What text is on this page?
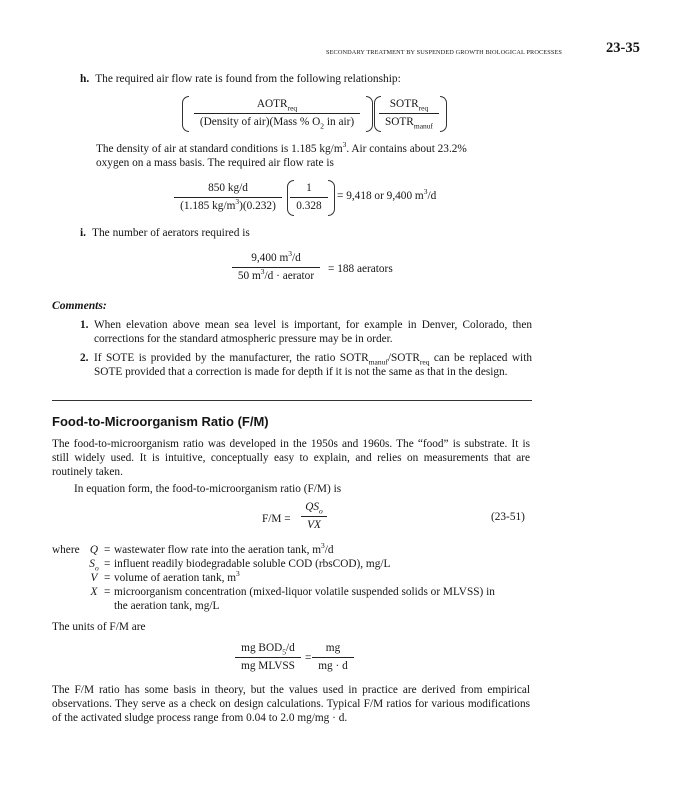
SECONDARY TREATMENT BY SUSPENDED GROWTH BIOLOGICAL PROCESSES	23-35
h. The required air flow rate is found from the following relationship:
$AOTR_{req}$
(Density of air)(Mass % $O_2$ in air)
$SOTR_{req}$
$SOTR_{manuf}$
The density of air at standard conditions is 1.185 $kg/m^3$. Air contains about 23.2%
oxygen on a mass basis. The required air flow rate is
$\frac{850 kg/d}{(1.185 kg/m^3)(0.232)} \frac{1}{0.328} = 9,418$ or 9,400 $m^3/d$
i. The number of aerators required is
9,400 $m^3/d$
50 $m^3/d$ · aerator
= 188 aerators
Comments:
1. When elevation above mean sea level is important, for example in Denver, Colorado, then corrections for the standard atmospheric pressure may be in order.
2. If SOTE is provided by the manufacturer, the ratio $SOTR_{manuf}/SOTR_{req}$ can be replaced with SOTE provided that a correction is made for depth if it is not the same as that in the design.
Food-to-Microorganism Ratio (F/M)
The food-to-microorganism ratio was developed in the 1950s and 1960s. The “food” is substrate. It is still widely used. It is intuitive, conceptually easy to explain, and relies on measurements that are routinely taken.
In equation form, the food-to-microorganism ratio (F/M) is
F/M =
$QS_o$
VX
(23-51)
where Q = wastewater flow rate into the aeration tank, $m^3/d$
$S_o$ = influent readily biodegradable soluble COD (rbsCOD), mg/L
V = volume of aeration tank, $m^3$
X = microorganism concentration (mixed-liquor volatile suspended solids or MLVSS) in
the aeration tank, mg/L
The units of F/M are
mg $BOD_5/d$
mg MLVSS
= $\frac{mg}{mg \cdot d}$
The F/M ratio has some basis in theory, but the values used in practice are derived from empirical observations. They serve as a check on design calculations. Typical F/M ratios for various modifications of the activated sludge process range from 0.04 to 2.0 mg/mg · d.
